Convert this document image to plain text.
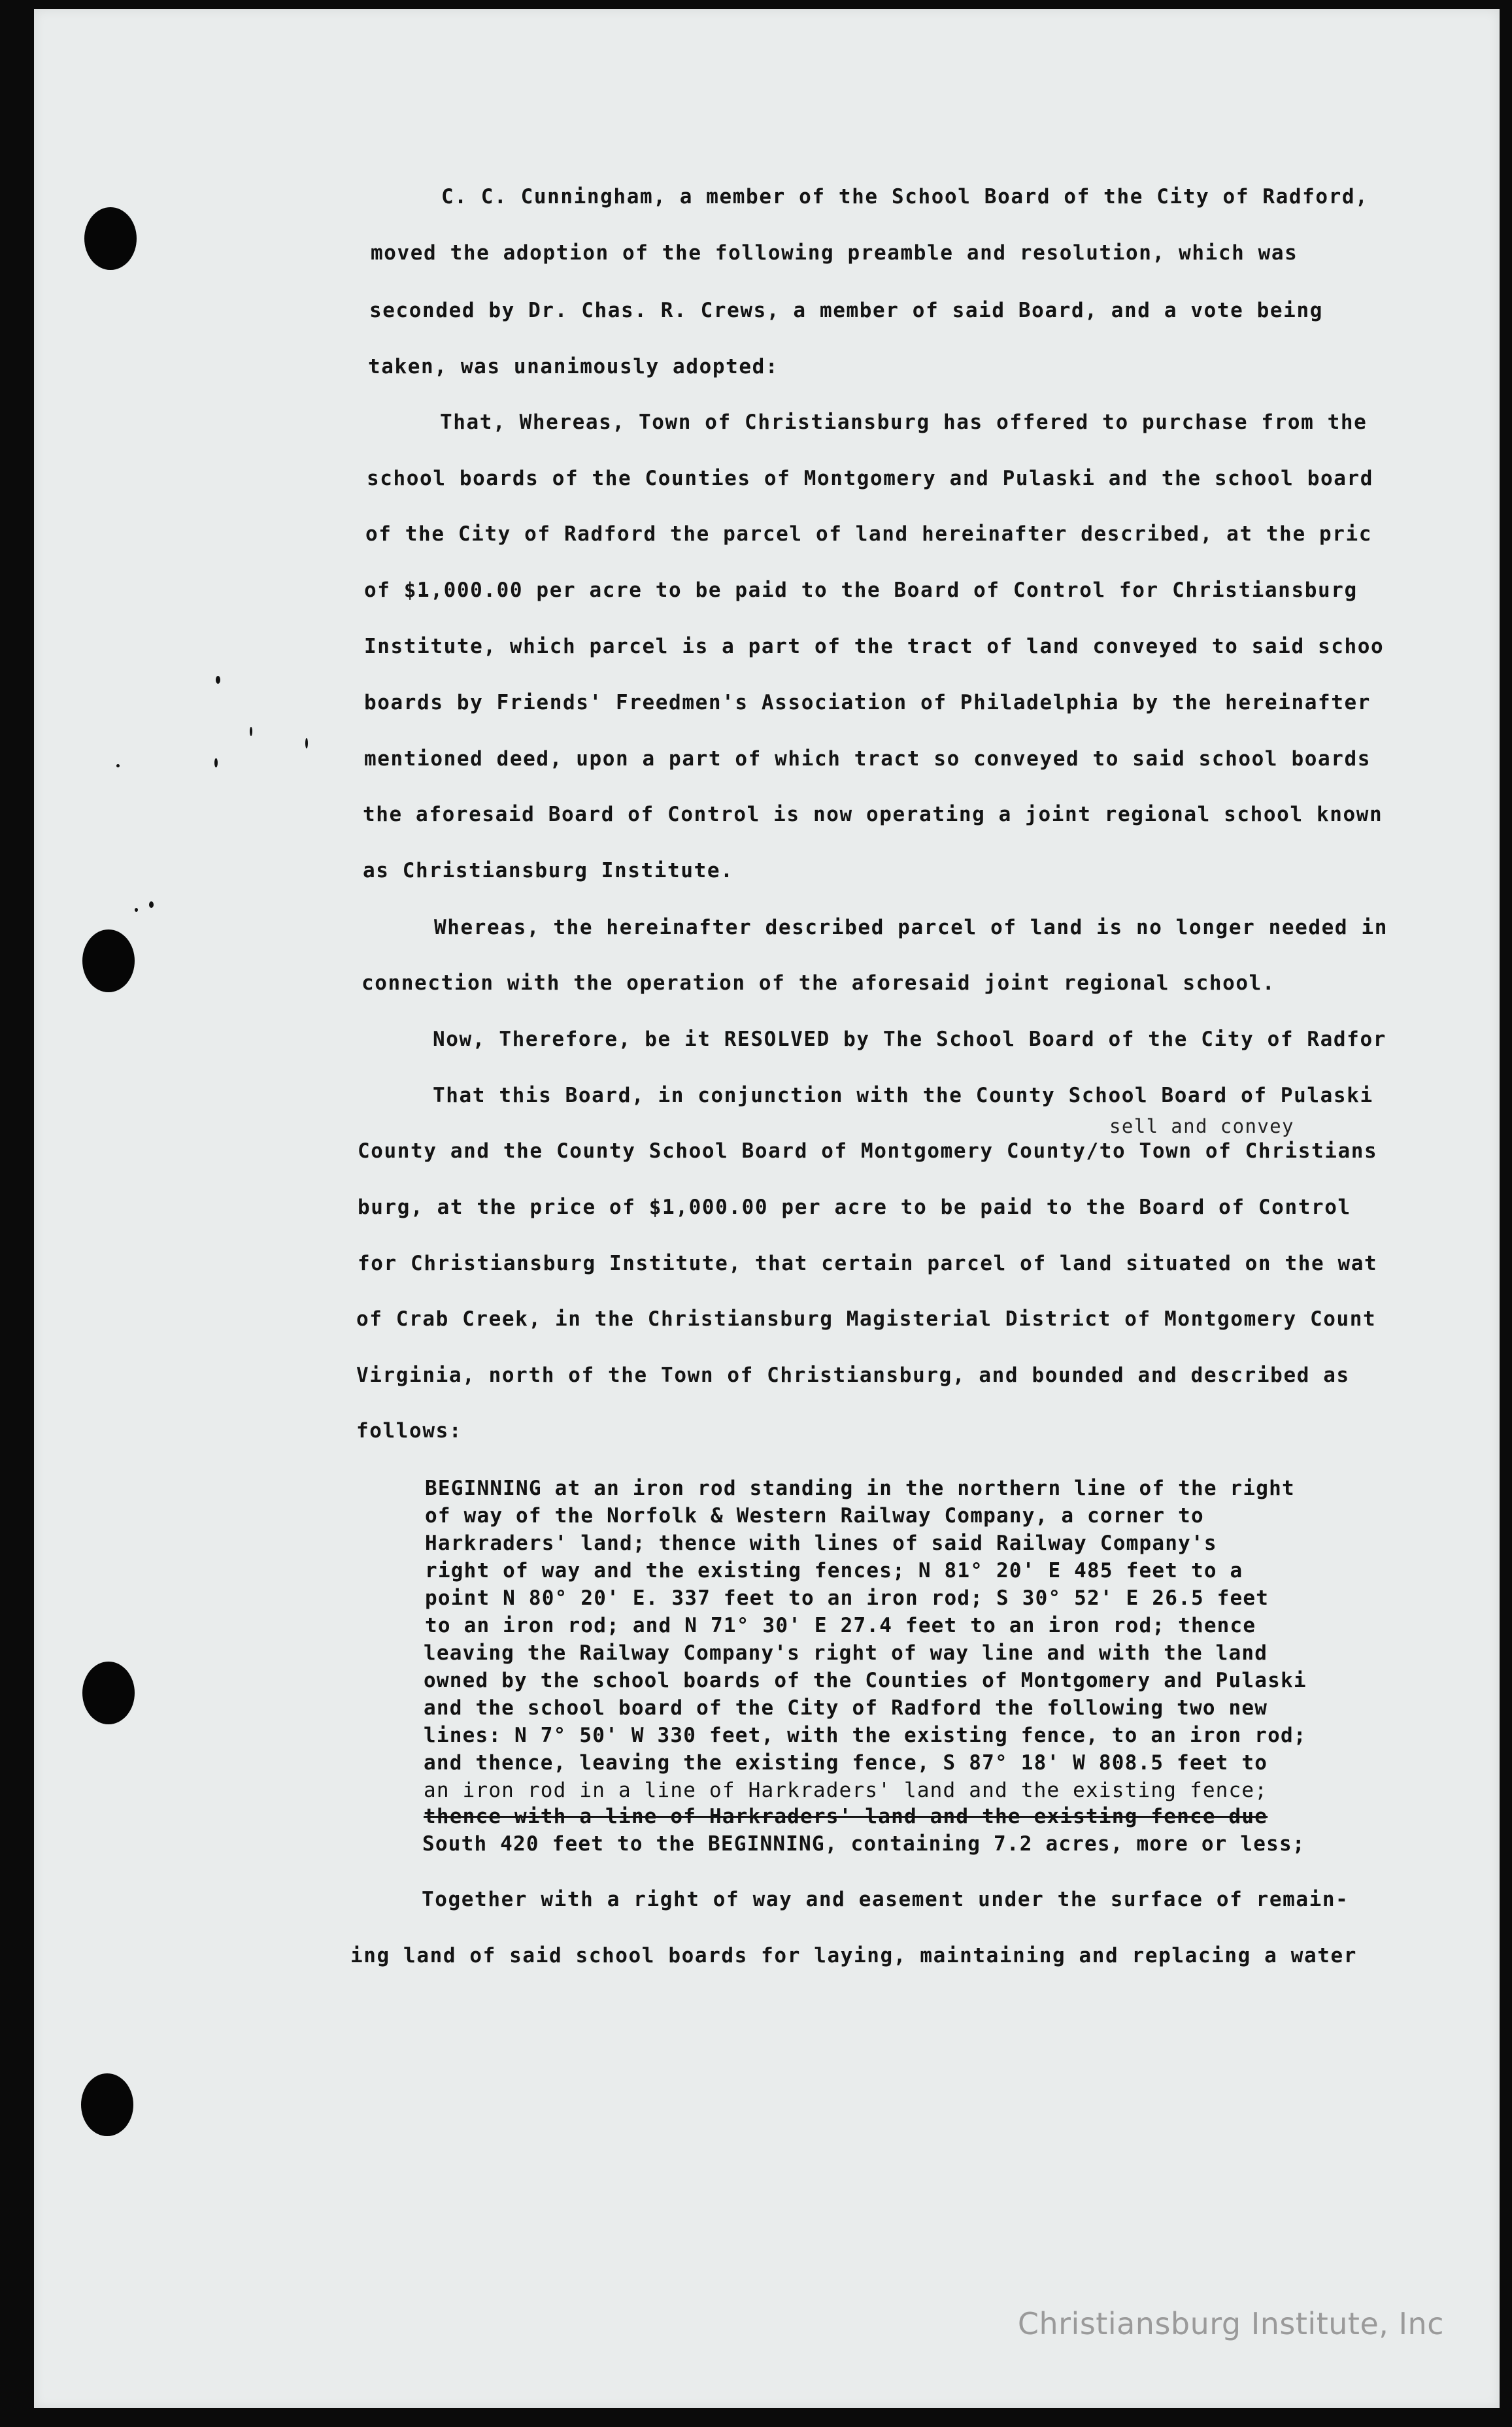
C. C. Cunningham, a member of the School Board of the City of Radford,

moved the adoption of the following preamble and resolution, which was

seconded by Dr. Chas. R. Crews, a member of said Board, and a vote being

taken, was unanimously adopted:

That, Whereas, Town of Christiansburg has offered to purchase from the

school boards of the Counties of Montgomery and Pulaski and the school board

of the City of Radford the parcel of land hereinafter described, at the pric

of $1,000.00 per acre to be paid to the Board of Control for Christiansburg

Institute, which parcel is a part of the tract of land conveyed to said schoo

boards by Friends' Freedmen's Association of Philadelphia by the hereinafter

mentioned deed, upon a part of which tract so conveyed to said school boards

the aforesaid Board of Control is now operating a joint regional school known

as Christiansburg Institute.

Whereas, the hereinafter described parcel of land is no longer needed in

connection with the operation of the aforesaid joint regional school.

Now, Therefore, be it RESOLVED by The School Board of the City of Radfor

That this Board, in conjunction with the County School Board of Pulaski

sell and convey

County and the County School Board of Montgomery County/to Town of Christians

burg, at the price of $1,000.00 per acre to be paid to the Board of Control

for Christiansburg Institute, that certain parcel of land situated on the wat

of Crab Creek, in the Christiansburg Magisterial District of Montgomery Count

Virginia, north of the Town of Christiansburg, and bounded and described as

follows:

BEGINNING at an iron rod standing in the northern line of the right

of way of the Norfolk & Western Railway Company, a corner to

Harkraders' land; thence with lines of said Railway Company's

right of way and the existing fences; N 81° 20' E 485 feet to a

point N 80° 20' E. 337 feet to an iron rod; S 30° 52' E 26.5 feet

to an iron rod; and N 71° 30' E 27.4 feet to an iron rod; thence

leaving the Railway Company's right of way line and with the land

owned by the school boards of the Counties of Montgomery and Pulaski

and the school board of the City of Radford the following two new

lines: N 7° 50' W 330 feet, with the existing fence, to an iron rod;

and thence, leaving the existing fence, S 87° 18' W 808.5 feet to

an iron rod in a line of Harkraders' land and the existing fence;

thence with a line of Harkraders' land and the existing fence due

South 420 feet to the BEGINNING, containing 7.2 acres, more or less;

Together with a right of way and easement under the surface of remain-

ing land of said school boards for laying, maintaining and replacing a water

Christiansburg Institute, Inc
